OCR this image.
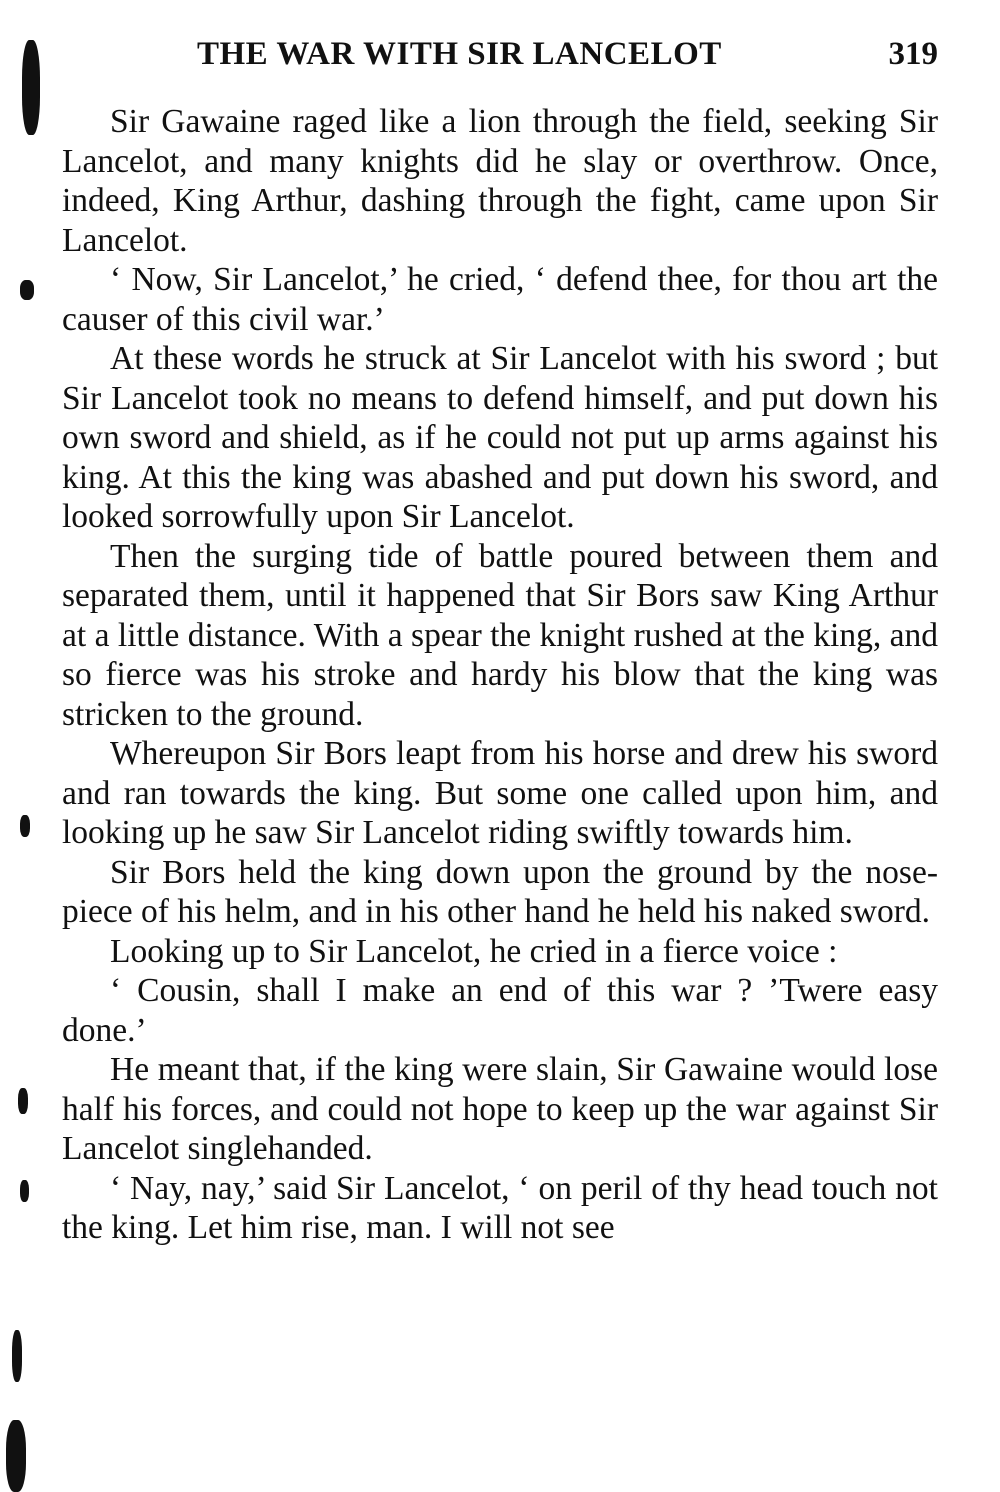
THE WAR WITH SIR LANCELOT	319

Sir Gawaine raged like a lion through the field, seeking Sir Lancelot, and many knights did he slay or overthrow. Once, indeed, King Arthur, dashing through the fight, came upon Sir Lancelot.

‘ Now, Sir Lancelot,’ he cried, ‘ defend thee, for thou art the causer of this civil war.’

At these words he struck at Sir Lancelot with his sword ; but Sir Lancelot took no means to defend himself, and put down his own sword and shield, as if he could not put up arms against his king. At this the king was abashed and put down his sword, and looked sorrowfully upon Sir Lancelot.

Then the surging tide of battle poured between them and separated them, until it happened that Sir Bors saw King Arthur at a little distance. With a spear the knight rushed at the king, and so fierce was his stroke and hardy his blow that the king was stricken to the ground.

Whereupon Sir Bors leapt from his horse and drew his sword and ran towards the king. But some one called upon him, and looking up he saw Sir Lancelot riding swiftly towards him.

Sir Bors held the king down upon the ground by the nose-piece of his helm, and in his other hand he held his naked sword.

Looking up to Sir Lancelot, he cried in a fierce voice :

‘ Cousin, shall I make an end of this war ? ’Twere easy done.’

He meant that, if the king were slain, Sir Gawaine would lose half his forces, and could not hope to keep up the war against Sir Lancelot singlehanded.

‘ Nay, nay,’ said Sir Lancelot, ‘ on peril of thy head touch not the king. Let him rise, man. I will not see
